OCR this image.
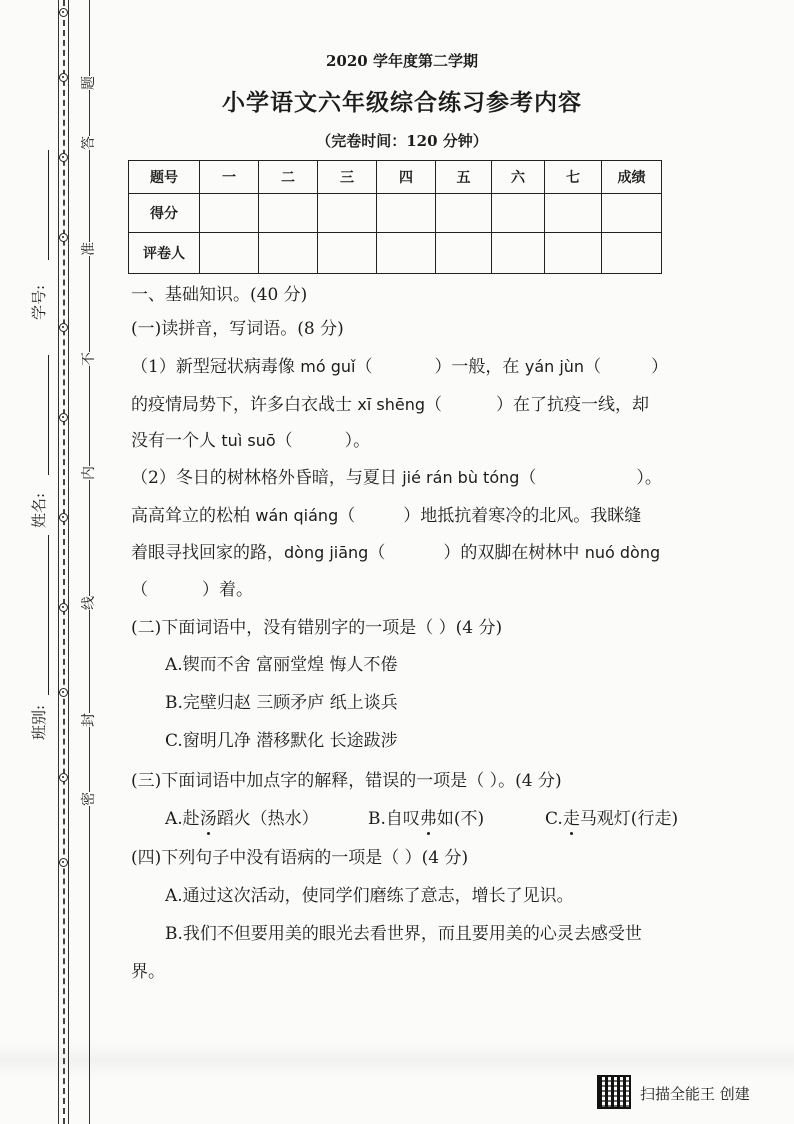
题
答
准
不
内
线
封
密
学号:
姓名:
班别:
2020 学年度第二学期
小学语文六年级综合练习参考内容
（完卷时间：120 分钟）
题号	一	二	三	四	五	六	七	成绩
得分								
评卷人								
一、基础知识。(40 分)
(一)读拼音，写词语。(8 分)
（1）新型冠状病毒像 mó guǐ（	）一般，在 yán jùn（	）
的疫情局势下，许多白衣战士 xī shēng（	）在了抗疫一线，却
没有一个人 tuì suō（	）。
（2）冬日的树林格外昏暗，与夏日 jié rán bù tóng（	）。
高高耸立的松柏 wán qiáng（	）地抵抗着寒冷的北风。我眯缝
着眼寻找回家的路，dòng jiāng（	）的双脚在树林中 nuó dòng
（	）着。
(二)下面词语中，没有错别字的一项是（ ）(4 分)
A.锲而不舍 富丽堂煌 悔人不倦
B.完壁归赵 三顾矛庐 纸上谈兵
C.窗明几净 潜移默化 长途跋涉
(三)下面词语中加点字的解释，错误的一项是（ ）。(4 分)
A.赴汤蹈火（热水）	B.自叹弗如(不)	C.走马观灯(行走)
(四)下列句子中没有语病的一项是（ ）(4 分)
A.通过这次活动，使同学们磨练了意志，增长了见识。
B.我们不但要用美的眼光去看世界，而且要用美的心灵去感受世
界。
扫描全能王 创建
